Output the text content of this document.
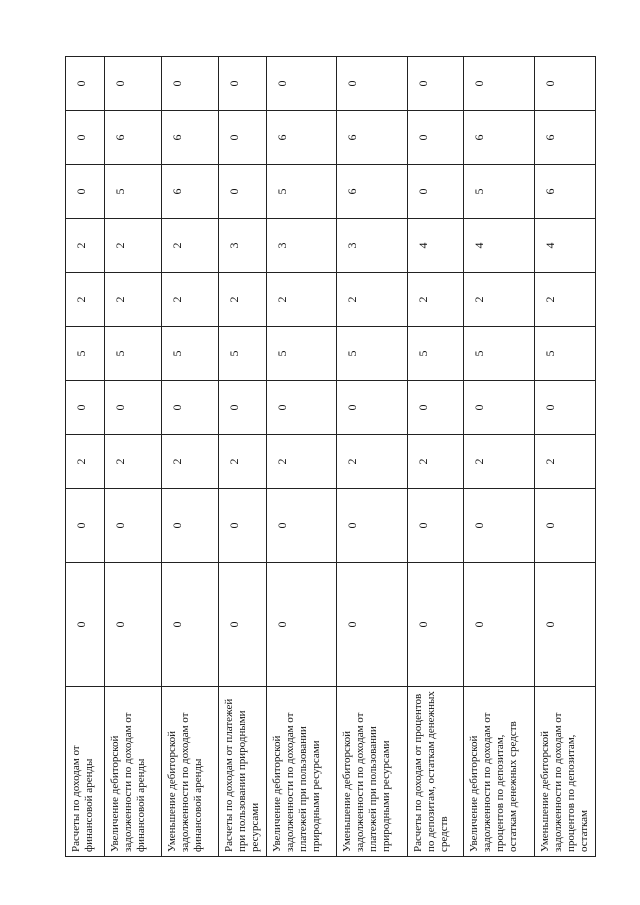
Расчеты по доходам от финансовой аренды	0	0	2	0	5	2	2	0	0	0
Увеличение дебиторской задолженности по доходам от финансовой аренды	0	0	2	0	5	2	2	5	6	0
Уменьшение дебиторской задолженности по доходам от финансовой аренды	0	0	2	0	5	2	2	6	6	0
Расчеты по доходам от платежей при пользовании природными ресурсами	0	0	2	0	5	2	3	0	0	0
Увеличение дебиторской задолженности по доходам от платежей при пользовании природными ресурсами	0	0	2	0	5	2	3	5	6	0
Уменьшение дебиторской задолженности по доходам от платежей при пользовании природными ресурсами	0	0	2	0	5	2	3	6	6	0
Расчеты по доходам от процентов по депозитам, остаткам денежных средств	0	0	2	0	5	2	4	0	0	0
Увеличение дебиторской задолженности по доходам от процентов по депозитам, остаткам денежных средств	0	0	2	0	5	2	4	5	6	0
Уменьшение дебиторской задолженности по доходам от процентов по депозитам, остаткам	0	0	2	0	5	2	4	6	6	0
